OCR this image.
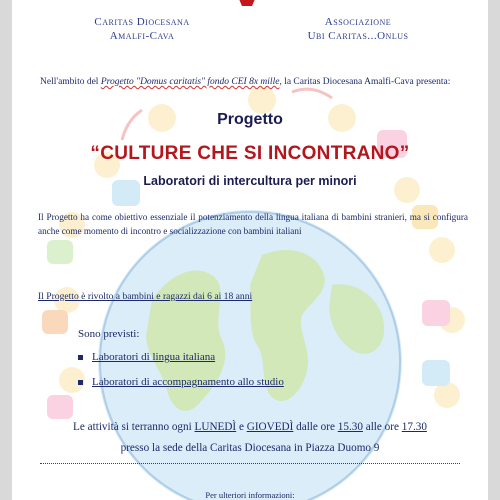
Caritas Diocesana
Amalfi-Cava
Associazione
Ubi Caritas...Onlus
Nell'ambito del Progetto "Domus caritatis" fondo CEI 8x mille, la Caritas Diocesana Amalfi-Cava presenta:
Progetto
“CULTURE CHE SI INCONTRANO”
Laboratori di intercultura per minori
Il Progetto ha come obiettivo essenziale il potenziamento della lingua italiana di bambini stranieri, ma si configura anche come momento di incontro e socializzazione con bambini italiani
Il Progetto è rivolto a bambini e ragazzi dai 6 ai 18 anni
Sono previsti:
Laboratori di lingua italiana
Laboratori di accompagnamento allo studio
Le attività si terranno ogni LUNEDÌ e GIOVEDÌ dalle ore 15.30 alle ore 17.30
presso la sede della Caritas Diocesana in Piazza Duomo 9
Per ulteriori informazioni:
